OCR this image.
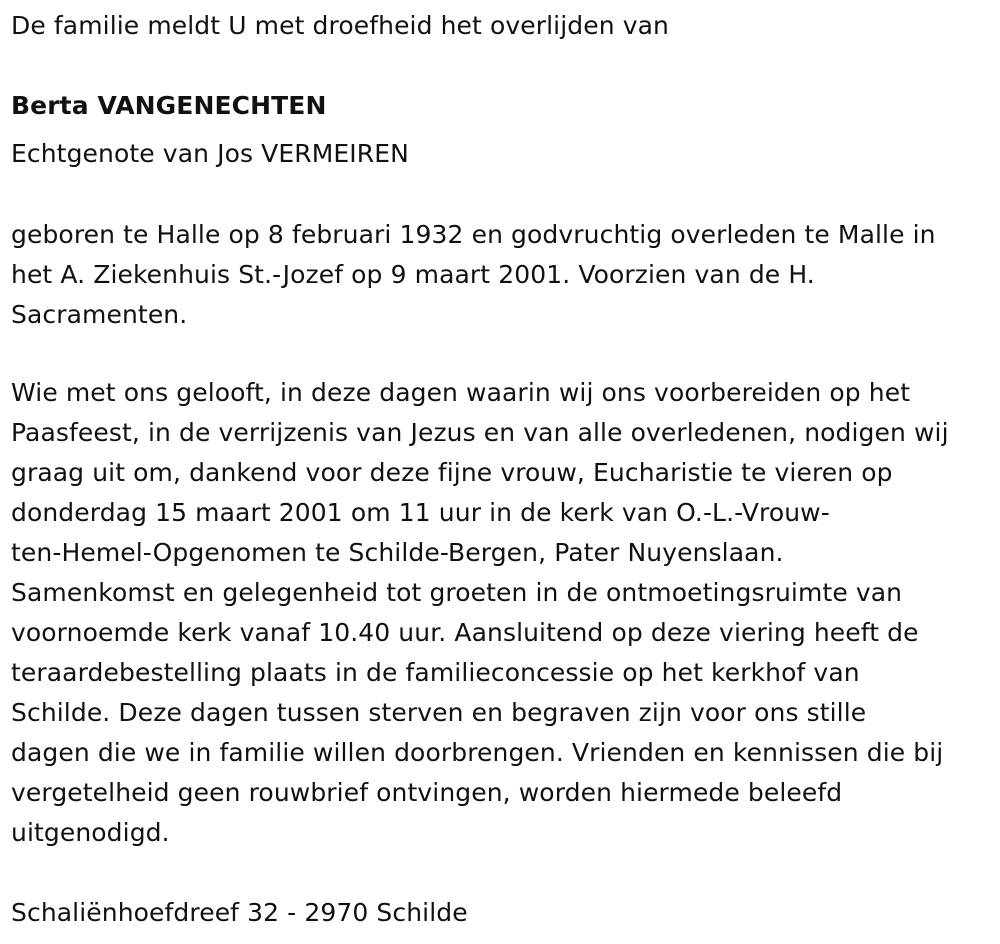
De familie meldt U met droefheid het overlijden van
Berta VANGENECHTEN
Echtgenote van Jos VERMEIREN
geboren te Halle op 8 februari 1932 en godvruchtig overleden te Malle in
het A. Ziekenhuis St.-Jozef op 9 maart 2001. Voorzien van de H.
Sacramenten.
Wie met ons gelooft, in deze dagen waarin wij ons voorbereiden op het
Paasfeest, in de verrijzenis van Jezus en van alle overledenen, nodigen wij
graag uit om, dankend voor deze fijne vrouw, Eucharistie te vieren op
donderdag 15 maart 2001 om 11 uur in de kerk van O.-L.-Vrouw-
ten-Hemel-Opgenomen te Schilde-Bergen, Pater Nuyenslaan.
Samenkomst en gelegenheid tot groeten in de ontmoetingsruimte van
voornoemde kerk vanaf 10.40 uur. Aansluitend op deze viering heeft de
teraardebestelling plaats in de familieconcessie op het kerkhof van
Schilde. Deze dagen tussen sterven en begraven zijn voor ons stille
dagen die we in familie willen doorbrengen. Vrienden en kennissen die bij
vergetelheid geen rouwbrief ontvingen, worden hiermede beleefd
uitgenodigd.
Schaliënhoefdreef 32 - 2970 Schilde
